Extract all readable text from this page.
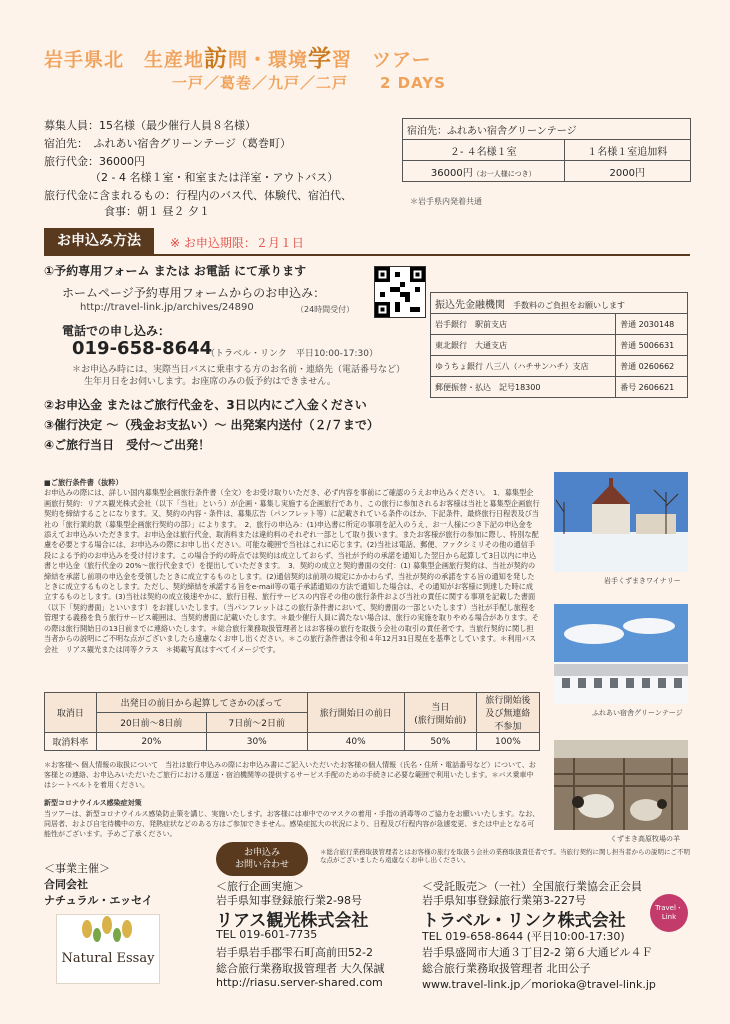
岩手県北　生産地訪問・環境学習　ツアー
一戸／葛巻／九戸／二戸　　2 DAYS
募集人員：15名様（最少催行人員８名様）
宿泊先：　ふれあい宿舎グリーンテージ（葛巻町）
旅行代金：36000円
（2 - 4 名様１室・和室または洋室・アウトバス）
旅行代金に含まれるもの：行程内のバス代、体験代、宿泊代、
食事：朝１ 昼２ 夕１
宿泊先：ふれあい宿舎グリーンテージ	
２- ４名様１室	１名様１室追加料
36000円（お一人様につき）	2000円
＊岩手県内発着共通
お申込み方法	※ お申込期限：２月１日
①予約専用フォーム または お電話 にて承ります
ホームページ予約専用フォームからのお申込み：
http://travel-link.jp/archives/24890	（24時間受付）
電話での申し込み：
019-658-8644
（トラベル・リンク　平日10:00-17:30）
＊お申込み時には、実際当日バスに乗車する方のお名前・連絡先（電話番号など）
生年月日をお伺いします。お座席のみの仮予約はできません。
②お申込金 またはご旅行代金を、3日以内にご入金ください
③催行決定 ～（残金お支払い）～ 出発案内送付（２/７まで）
④ご旅行当日　受付～ご出発！
振込先金融機関　 手数料のご負担をお願いします	
岩手銀行　駅前支店	普通 2030148
東北銀行　大通支店	普通 5006631
ゆうちょ銀行 八三八（ハチサンハチ）支店	普通 0260662
郵便振替・払込　記号18300	番号 2606621

■ご旅行条件書（抜粋）

お申込みの際には、詳しい国内募集型企画旅行条件書（全文）をお受け取りいただき、必ず内容を事前にご確認のうえお申込みください。　1．募集型企画旅行契約：リアス観光株式会社（以下「当社」という）が企画・募集し実施する企画旅行であり、この旅行に参加されるお客様は当社と募集型企画旅行契約を締結することになります。又、契約の内容・条件は、募集広告（パンフレット等）に記載されている条件のほか、下記条件、最終旅行日程表及び当社の「旅行業約款（募集型企画旅行契約の部）」によります。　2．旅行の申込み：(1)申込書に所定の事項を記入のうえ、お一人様につき下記の申込金を添えてお申込みいただきます。お申込金は旅行代金、取消料または違約料のそれぞれ一部として取り扱います。またお客様が旅行の参加に際し、特別な配慮を必要とする場合には、お申込みの際にお申し出ください。可能な範囲で当社はこれに応じます。(2)当社は電話、郵便、ファクシミリその他の通信手段による予約のお申込みを受け付けます。この場合予約の時点では契約は成立しておらず、当社が予約の承諾を通知した翌日から起算して3日以内に申込書と申込金（旅行代金の 20%～旅行代金まで）を提出していただきます。　3．契約の成立と契約書面の交付：(1) 募集型企画旅行契約は、当社が契約の締結を承諾し前項の申込金を受領したときに成立するものとします。(2)通信契約は前項の規定にかかわらず、当社が契約の承諾をする旨の通知を発したときに成立するものとします。ただし、契約締結を承諾する旨をe-mail等の電子承諾通知の方法で通知した場合は、その通知がお客様に到達した時に成立するものとします。(3)当社は契約の成立後速やかに、旅行日程、旅行サービスの内容その他の旅行条件および当社の責任に関する事項を記載した書面（以下「契約書面」といいます）をお渡しいたします。（当パンフレットはこの旅行条件書において、契約書面の一部といたします）当社が手配し旅程を管理する義務を負う旅行サービス範囲は、当契約書面に記載いたします。＊最少催行人員に満たない場合は、旅行の実施を取りやめる場合があります。その際は旅行開始日の13日前までに連絡いたします。＊総合旅行業務取扱管理者とはお客様の旅行を取扱う会社の取引の責任者です。当旅行契約に関し担当者からの説明にご不明な点がございましたら遠慮なくお申し出ください。＊この旅行条件書は令和４年12月31日現在を基準としています。＊利用バス会社　リアス観光または同等クラス　＊掲載写真はすべてイメージです。

取消日	出発日の前日から起算してさかのぼって		旅行開始日の前日	当日
(旅行開始前)	旅行開始後
及び無連絡
不参加
	20日前～8日前	7日前～2日前			
取消料率	20%	30%	40%	50%	100%
＊お客様へ 個人情報の取扱について　当社は旅行申込みの際にお申込み書にご記入いただいたお客様の個人情報（氏名・住所・電話番号など）について、お客様との連絡、お申込みいただいたご旅行における運送・宿泊機関等の提供するサービス手配のための手続きに必要な範囲で利用いたします。＊バス乗車中はシートベルトを着用ください。
新型コロナウイルス感染症対策
当ツアーは、新型コロナウイルス感染防止策を講じ、実施いたします。お客様には車中でのマスクの着用・手指の消毒等のご協力をお願いいたします。なお、同居者、および自宅待機中の方、発熱症状などのある方はご参加できません。感染症拡大の状況により、日程及び行程内容が急遽変更、または中止となる可能性がございます。予めご了承ください。
岩手くずまきワイナリー
ふれあい宿舎グリーンテージ
くずまき高原牧場の羊
＜事業主催＞
合同会社
ナチュラル・エッセイ
Natural Essay
お申込み
お問い合わせ
＜旅行企画実施＞
岩手県知事登録旅行業2-98号
リアス観光株式会社
TEL 019-601-7735
岩手県岩手郡雫石町高前田52-2
総合旅行業務取扱管理者 大久保誠
http://riasu.server-shared.com
＊総合旅行業務取扱管理者とはお客様の旅行を取扱う会社の業務取扱責任者です。当旅行契約に関し担当者からの説明にご不明な点がございましたら遠慮なくお申し出ください。
＜受託販売＞（一社）全国旅行業協会正会員
岩手県知事登録旅行業第3-227号
トラベル・リンク株式会社
TEL 019-658-8644 (平日10:00-17:30)
岩手県盛岡市大通３丁目2-2 第６大通ビル４Ｆ
総合旅行業務取扱管理者 北田公子
www.travel-link.jp／morioka@travel-link.jp
Travel・Link
